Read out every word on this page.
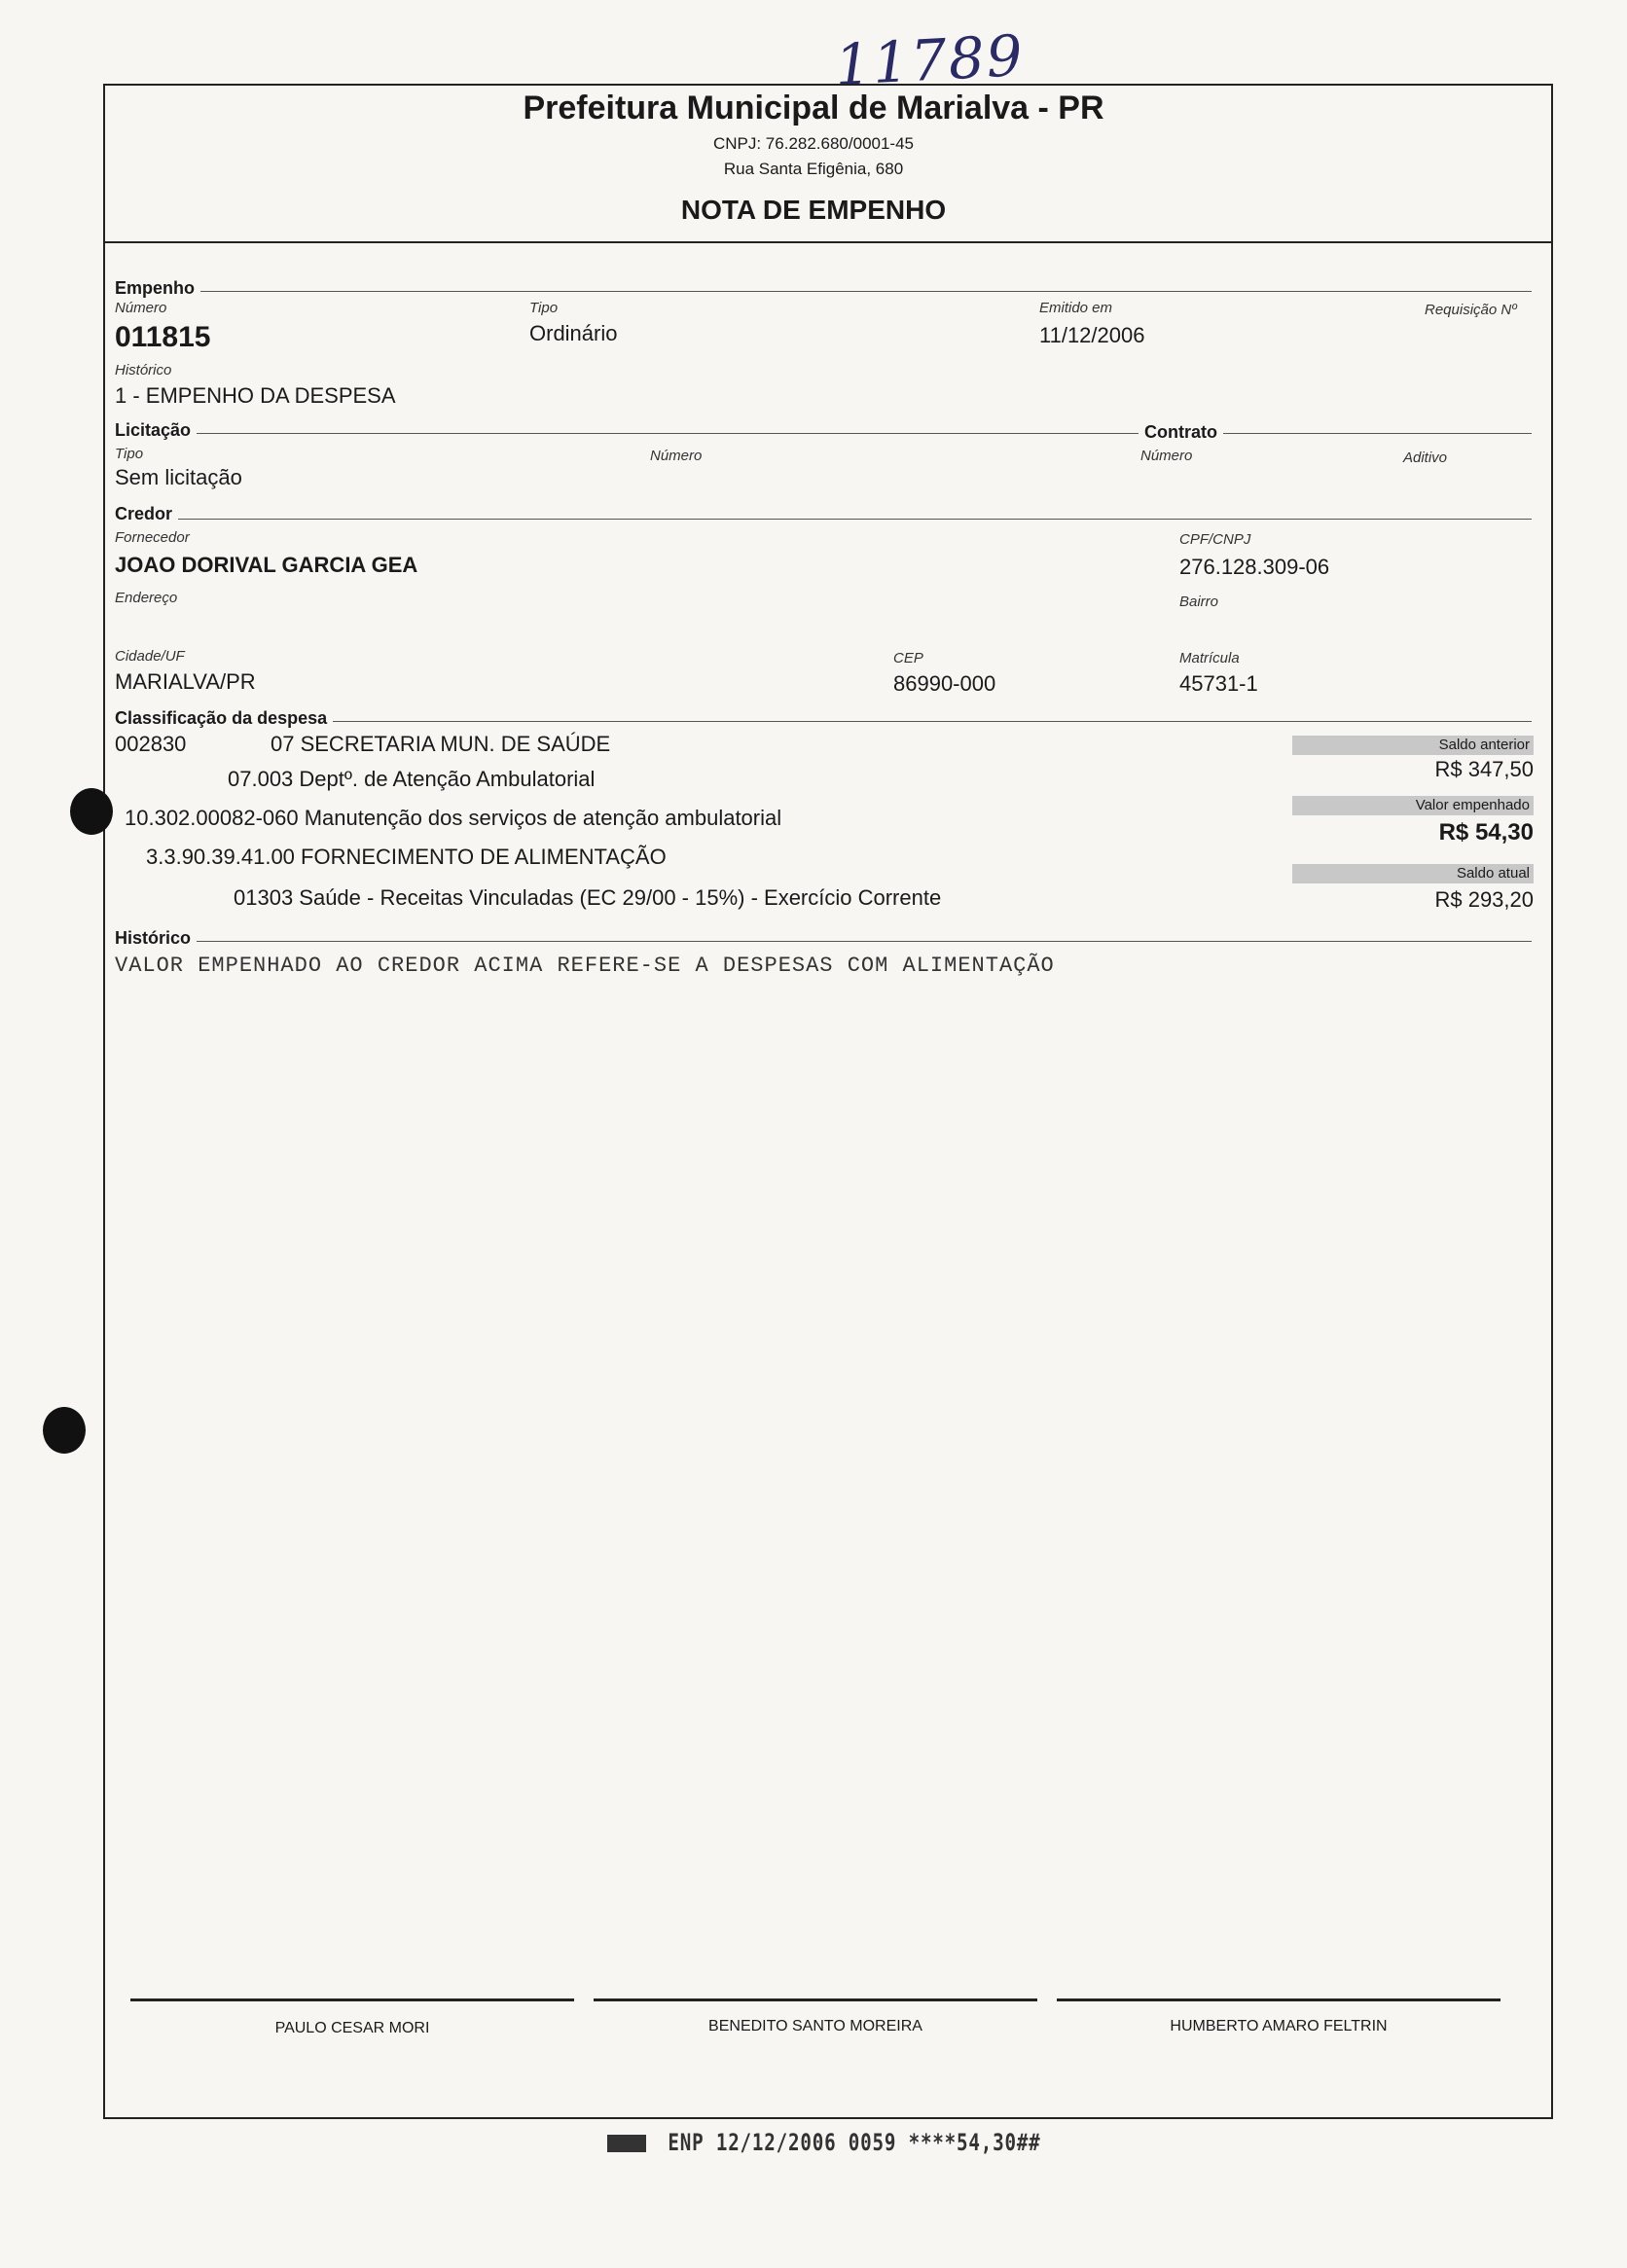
11789
Prefeitura Municipal de Marialva - PR
CNPJ: 76.282.680/0001-45
Rua Santa Efigênia, 680
NOTA DE EMPENHO
Empenho
Número
011815
Tipo
Ordinário
Emitido em
11/12/2006
Requisição Nº
Histórico
1 - EMPENHO DA DESPESA
Licitação	Contrato
Tipo
Sem licitação
Número	Número	Aditivo
Credor
Fornecedor
JOAO DORIVAL GARCIA GEA
CPF/CNPJ
276.128.309-06
Endereço	Bairro
Cidade/UF
MARIALVA/PR
CEP
86990-000
Matrícula
45731-1
Classificação da despesa
002830	07 SECRETARIA MUN. DE SAÚDE
07.003 Deptº. de Atenção Ambulatorial
10.302.00082-060 Manutenção dos serviços de atenção ambulatorial
3.3.90.39.41.00 FORNECIMENTO DE ALIMENTAÇÃO
01303 Saúde - Receitas Vinculadas (EC 29/00 - 15%) - Exercício Corrente
Saldo anterior
R$ 347,50
Valor empenhado
R$ 54,30
Saldo atual
R$ 293,20
Histórico
VALOR EMPENHADO AO CREDOR ACIMA REFERE-SE A DESPESAS COM ALIMENTAÇÃO
PAULO CESAR MORI	BENEDITO SANTO MOREIRA	HUMBERTO AMARO FELTRIN
ENP 12/12/2006 0059 ****54,30##
